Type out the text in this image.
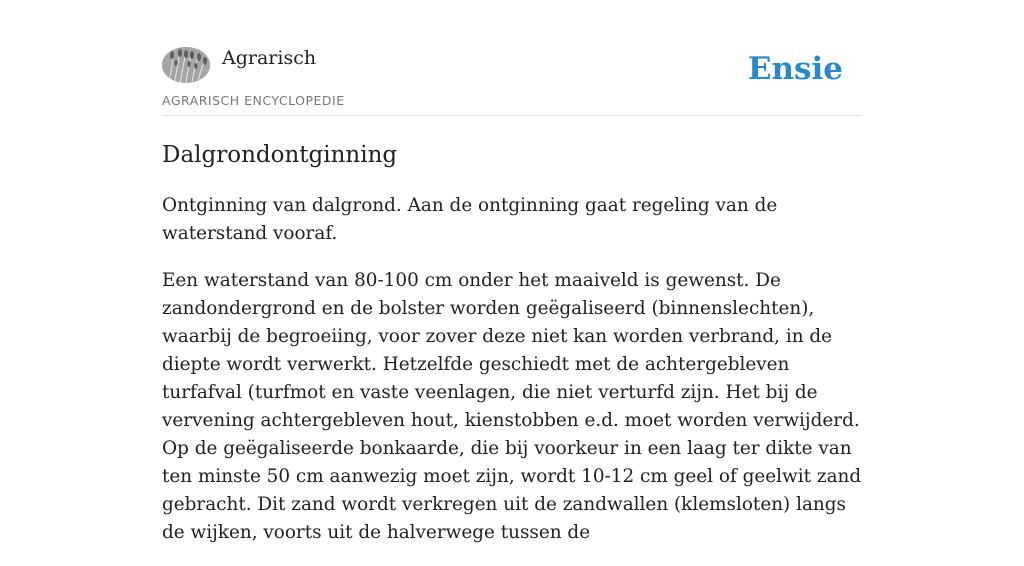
Agrarisch
AGRARISCH ENCYCLOPEDIE
Ensie
Dalgrondontginning

Ontginning van dalgrond. Aan de ontginning gaat regeling van de waterstand vooraf.

Een waterstand van 80-100 cm onder het maaiveld is gewenst. De zandondergrond en de bolster worden geëgaliseerd (binnenslechten), waarbij de begroeiing, voor zover deze niet kan worden verbrand, in de diepte wordt verwerkt. Hetzelfde geschiedt met de achtergebleven turfafval (turfmot en vaste veenlagen, die niet verturfd zijn. Het bij de vervening achtergebleven hout, kienstobben e.d. moet worden verwijderd. Op de geëgaliseerde bonkaarde, die bij voorkeur in een laag ter dikte van ten minste 50 cm aanwezig moet zijn, wordt 10-12 cm geel of geelwit zand gebracht. Dit zand wordt verkregen uit de zandwallen (klemsloten) langs de wijken, voorts uit de halverwege tussen de
